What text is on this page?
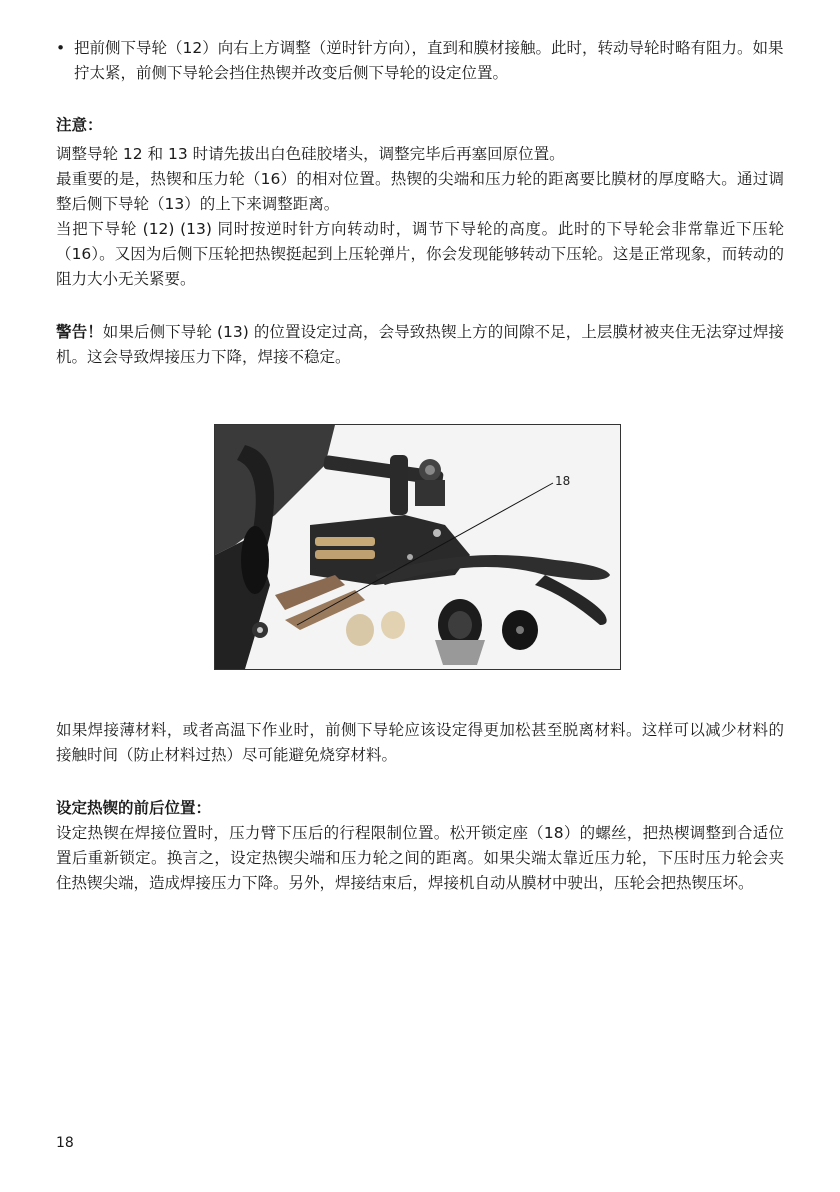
• 把前侧下导轮（12）向右上方调整（逆时针方向），直到和膜材接触。此时，转动导轮时略有阻力。如果拧太紧，前侧下导轮会挡住热锲并改变后侧下导轮的设定位置。

注意：

调整导轮 12 和 13 时请先拔出白色硅胶堵头，调整完毕后再塞回原位置。

最重要的是，热锲和压力轮（16）的相对位置。热锲的尖端和压力轮的距离要比膜材的厚度略大。通过调整后侧下导轮（13）的上下来调整距离。

当把下导轮 (12) (13) 同时按逆时针方向转动时，调节下导轮的高度。此时的下导轮会非常靠近下压轮（16）。又因为后侧下压轮把热锲挺起到上压轮弹片，你会发现能够转动下压轮。这是正常现象，而转动的阻力大小无关紧要。

警告！如果后侧下导轮 (13) 的位置设定过高，会导致热锲上方的间隙不足，上层膜材被夹住无法穿过焊接机。这会导致焊接压力下降，焊接不稳定。

18

如果焊接薄材料，或者高温下作业时，前侧下导轮应该设定得更加松甚至脱离材料。这样可以减少材料的接触时间（防止材料过热）尽可能避免烧穿材料。

设定热锲的前后位置：

设定热锲在焊接位置时，压力臂下压后的行程限制位置。松开锁定座（18）的螺丝，把热楔调整到合适位置后重新锁定。换言之，设定热锲尖端和压力轮之间的距离。如果尖端太靠近压力轮，下压时压力轮会夹住热锲尖端，造成焊接压力下降。另外，焊接结束后，焊接机自动从膜材中驶出，压轮会把热锲压坏。

18
